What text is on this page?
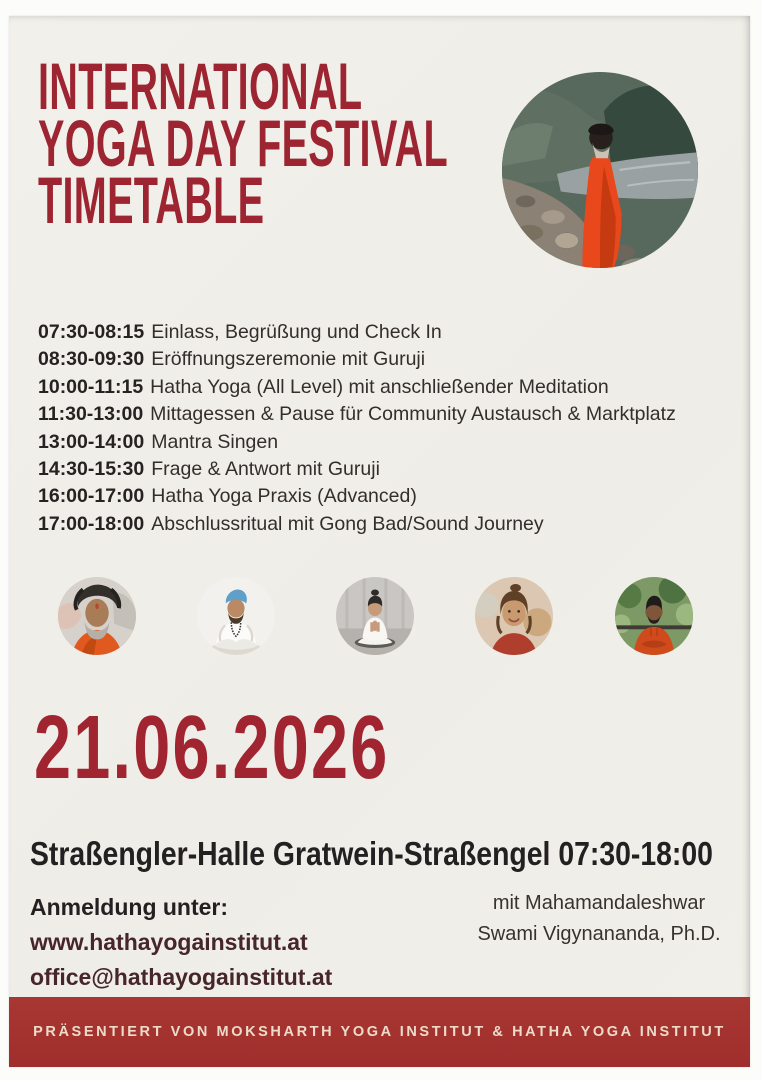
INTERNATIONAL
YOGA DAY FESTIVAL
TIMETABLE
07:30-08:15 Einlass, Begrüßung und Check In
08:30-09:30 Eröffnungszeremonie mit Guruji
10:00-11:15 Hatha Yoga (All Level) mit anschließender Meditation
11:30-13:00 Mittagessen & Pause für Community Austausch & Marktplatz
13:00-14:00 Mantra Singen
14:30-15:30 Frage & Antwort mit Guruji
16:00-17:00 Hatha Yoga Praxis (Advanced)
17:00-18:00 Abschlussritual mit Gong Bad/Sound Journey
21.06.2026
Straßengler-Halle Gratwein-Straßengel 07:30-18:00
Anmeldung unter:
www.hathayogainstitut.at
office@hathayogainstitut.at
mit Mahamandaleshwar
Swami Vigynananda, Ph.D.
PRÄSENTIERT VON MOKSHARTH YOGA INSTITUT & HATHA YOGA INSTITUT
